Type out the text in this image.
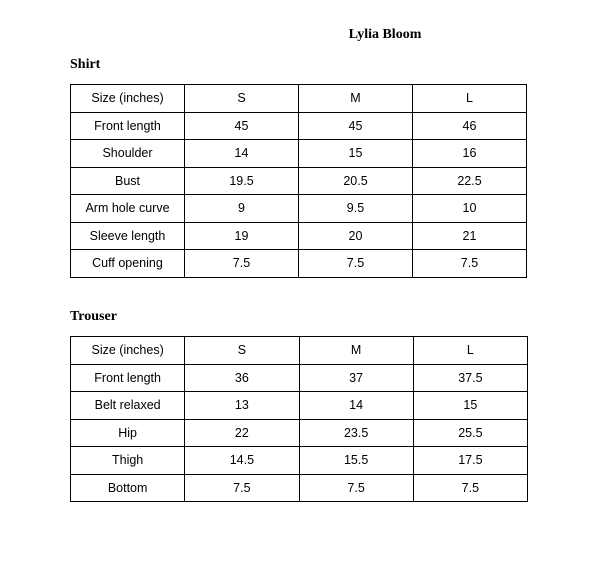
Lylia Bloom
Shirt
Size (inches)	S	M	L
Front length	45	45	46
Shoulder	14	15	16
Bust	19.5	20.5	22.5
Arm hole curve	9	9.5	10
Sleeve length	19	20	21
Cuff opening	7.5	7.5	7.5
Trouser
Size (inches)	S	M	L
Front length	36	37	37.5
Belt relaxed	13	14	15
Hip	22	23.5	25.5
Thigh	14.5	15.5	17.5
Bottom	7.5	7.5	7.5
